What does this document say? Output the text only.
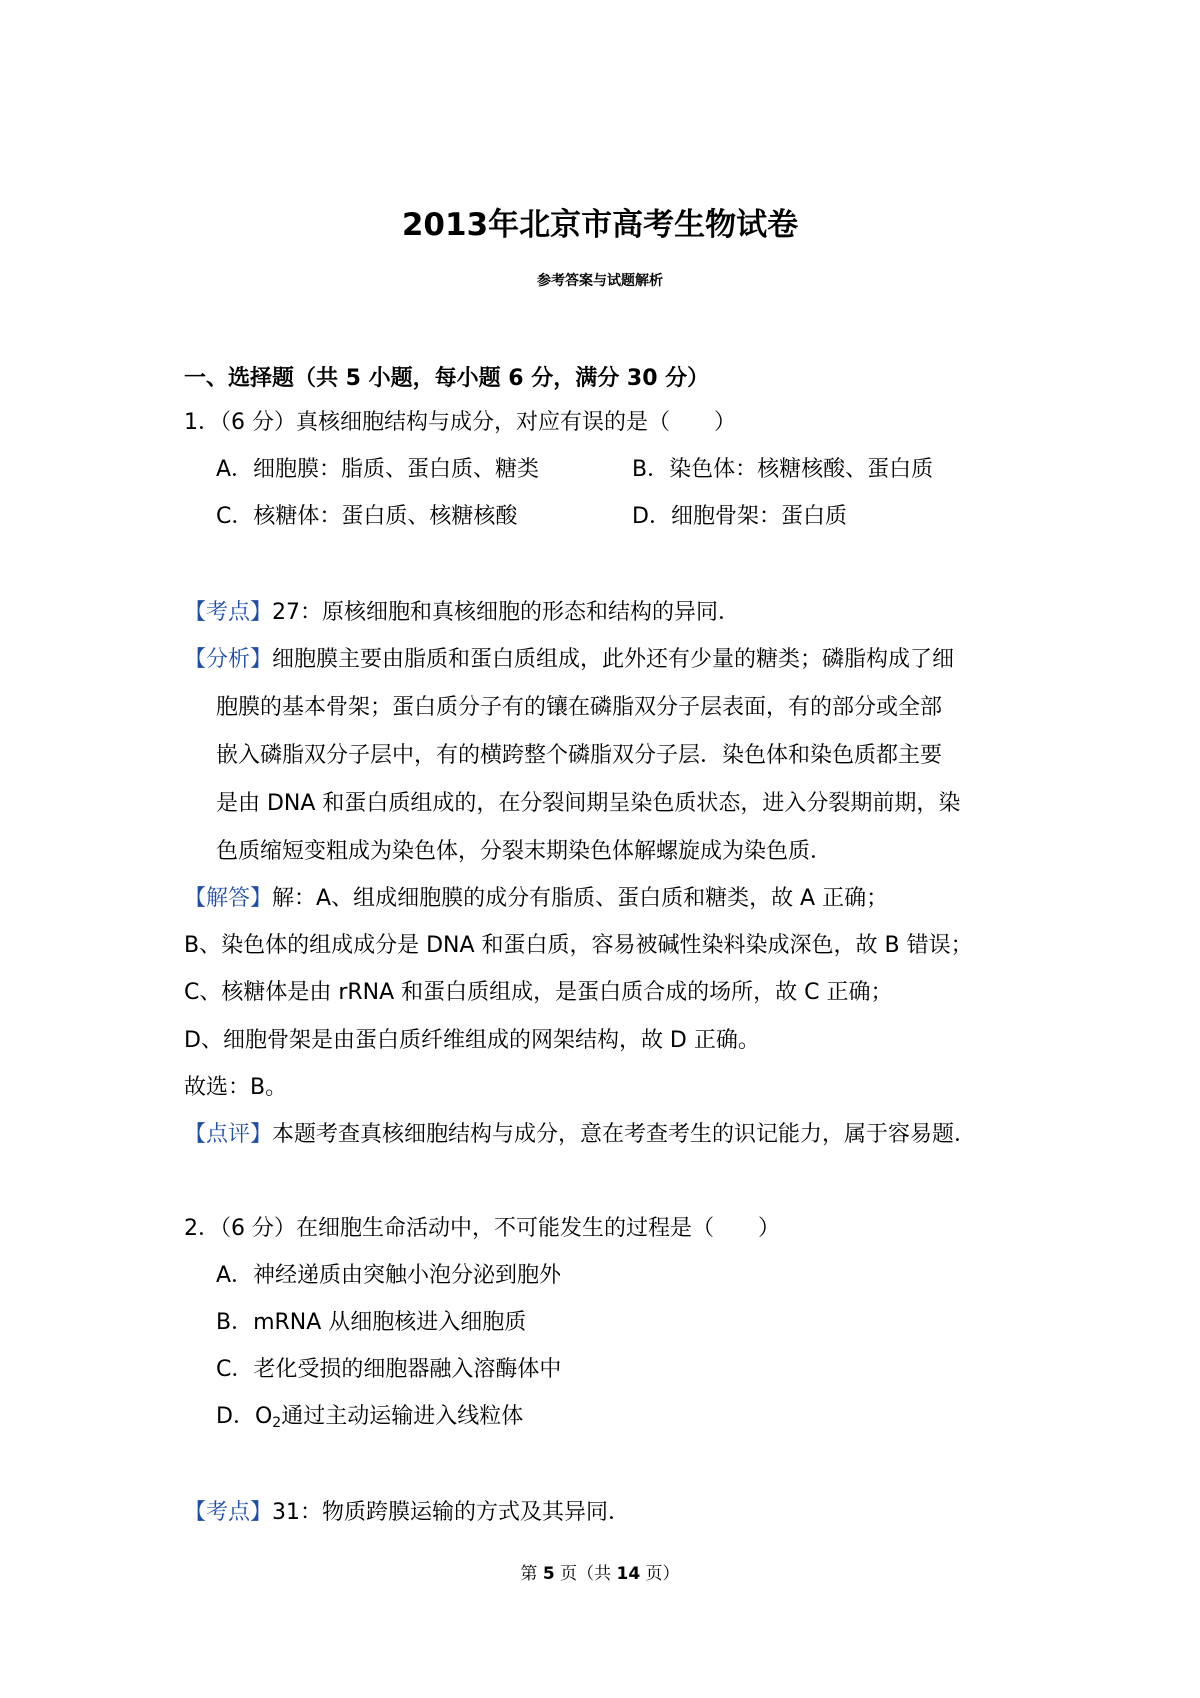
2013年北京市高考生物试卷
参考答案与试题解析
一、选择题（共 5 小题，每小题 6 分，满分 30 分）
1．（6 分）真核细胞结构与成分，对应有误的是（　　）
A．细胞膜：脂质、蛋白质、糖类	B．染色体：核糖核酸、蛋白质
C．核糖体：蛋白质、核糖核酸	D．细胞骨架：蛋白质
【考点】27：原核细胞和真核细胞的形态和结构的异同．
【分析】细胞膜主要由脂质和蛋白质组成，此外还有少量的糖类；磷脂构成了细
胞膜的基本骨架；蛋白质分子有的镶在磷脂双分子层表面，有的部分或全部
嵌入磷脂双分子层中，有的横跨整个磷脂双分子层．染色体和染色质都主要
是由 DNA 和蛋白质组成的，在分裂间期呈染色质状态，进入分裂期前期，染
色质缩短变粗成为染色体，分裂末期染色体解螺旋成为染色质．
【解答】解：A、组成细胞膜的成分有脂质、蛋白质和糖类，故 A 正确；
B、染色体的组成成分是 DNA 和蛋白质，容易被碱性染料染成深色，故 B 错误；
C、核糖体是由 rRNA 和蛋白质组成，是蛋白质合成的场所，故 C 正确；
D、细胞骨架是由蛋白质纤维组成的网架结构，故 D 正确。
故选：B。
【点评】本题考查真核细胞结构与成分，意在考查考生的识记能力，属于容易题．
2．（6 分）在细胞生命活动中，不可能发生的过程是（　　）
A．神经递质由突触小泡分泌到胞外
B．mRNA 从细胞核进入细胞质
C．老化受损的细胞器融入溶酶体中
D．$O_2$通过主动运输进入线粒体
【考点】31：物质跨膜运输的方式及其异同．
第 5 页（共 14 页）
